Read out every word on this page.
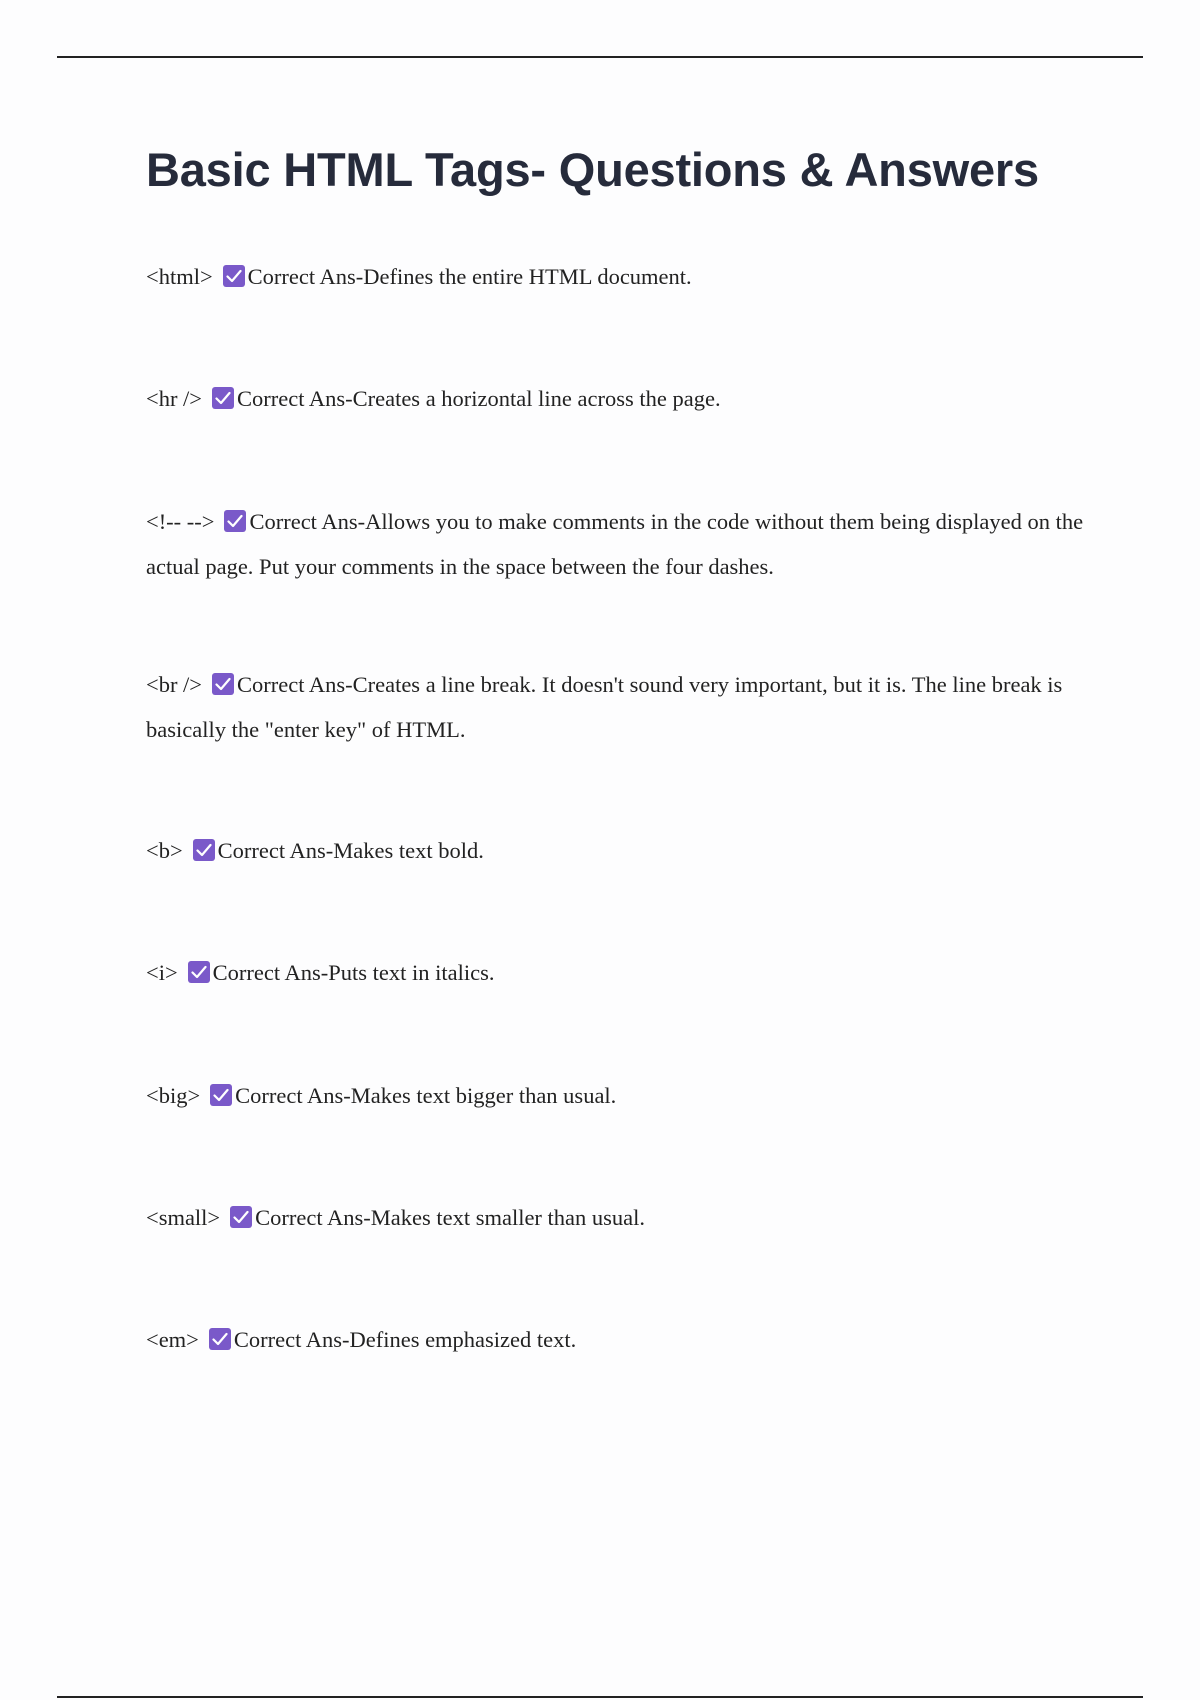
Basic HTML Tags- Questions & Answers
<html> Correct Ans-Defines the entire HTML document.
<hr /> Correct Ans-Creates a horizontal line across the page.
<!-- --> Correct Ans-Allows you to make comments in the code without them being displayed on the actual page. Put your comments in the space between the four dashes.
<br /> Correct Ans-Creates a line break. It doesn't sound very important, but it is. The line break is basically the "enter key" of HTML.
<b> Correct Ans-Makes text bold.
<i> Correct Ans-Puts text in italics.
<big> Correct Ans-Makes text bigger than usual.
<small> Correct Ans-Makes text smaller than usual.
<em> Correct Ans-Defines emphasized text.
